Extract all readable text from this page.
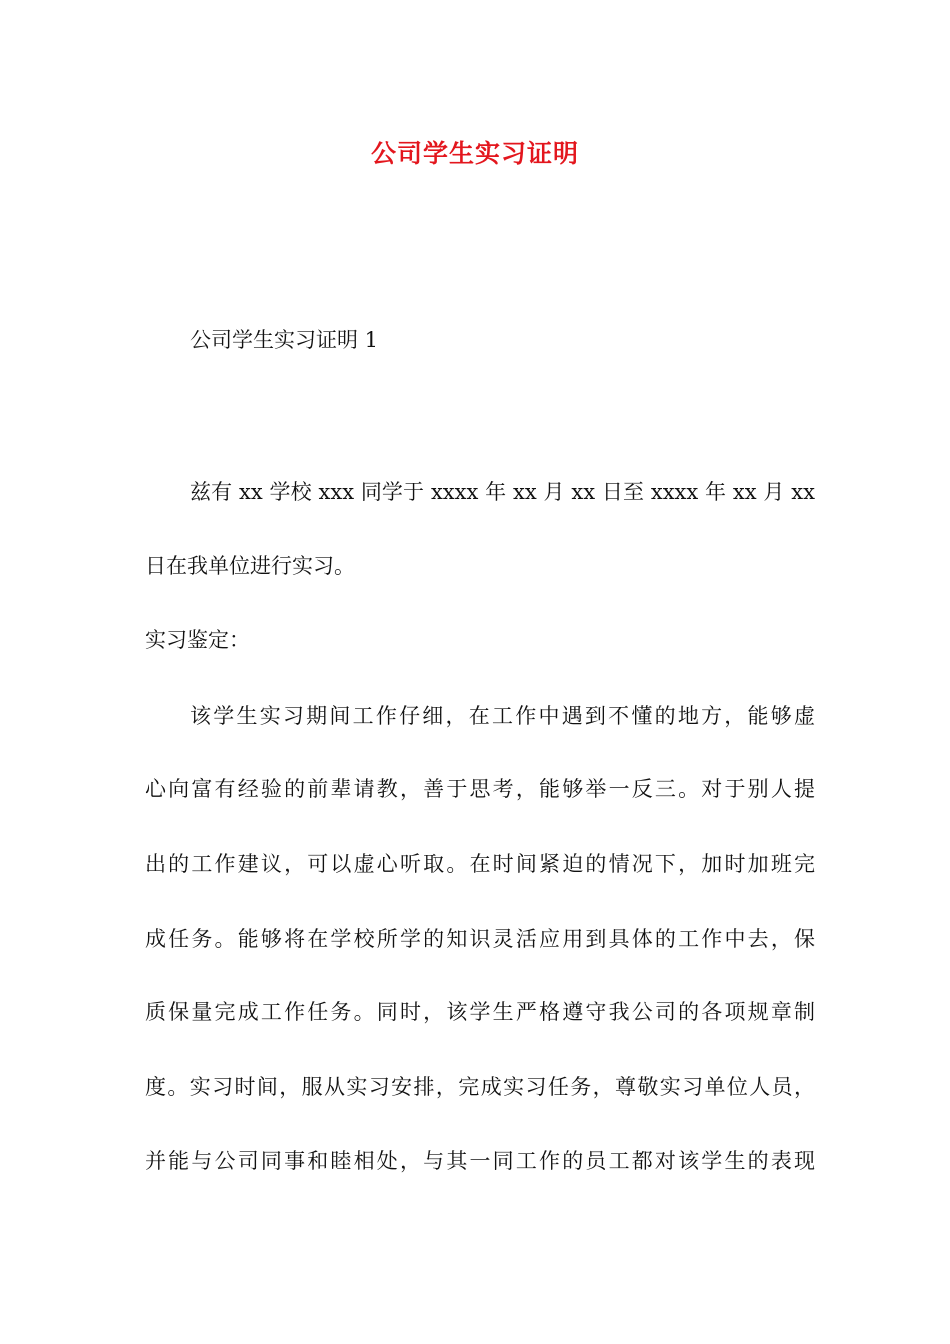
公司学生实习证明
公司学生实习证明 1
兹有 xx 学校 xxx 同学于 xxxx 年 xx 月 xx 日至 xxxx 年 xx 月 xx
日在我单位进行实习。
实习鉴定：
该学生实习期间工作仔细，在工作中遇到不懂的地方，能够虚
心向富有经验的前辈请教，善于思考，能够举一反三。对于别人提
出的工作建议，可以虚心听取。在时间紧迫的情况下，加时加班完
成任务。能够将在学校所学的知识灵活应用到具体的工作中去，保
质保量完成工作任务。同时，该学生严格遵守我公司的各项规章制
度。实习时间，服从实习安排，完成实习任务，尊敬实习单位人员，
并能与公司同事和睦相处，与其一同工作的员工都对该学生的表现
